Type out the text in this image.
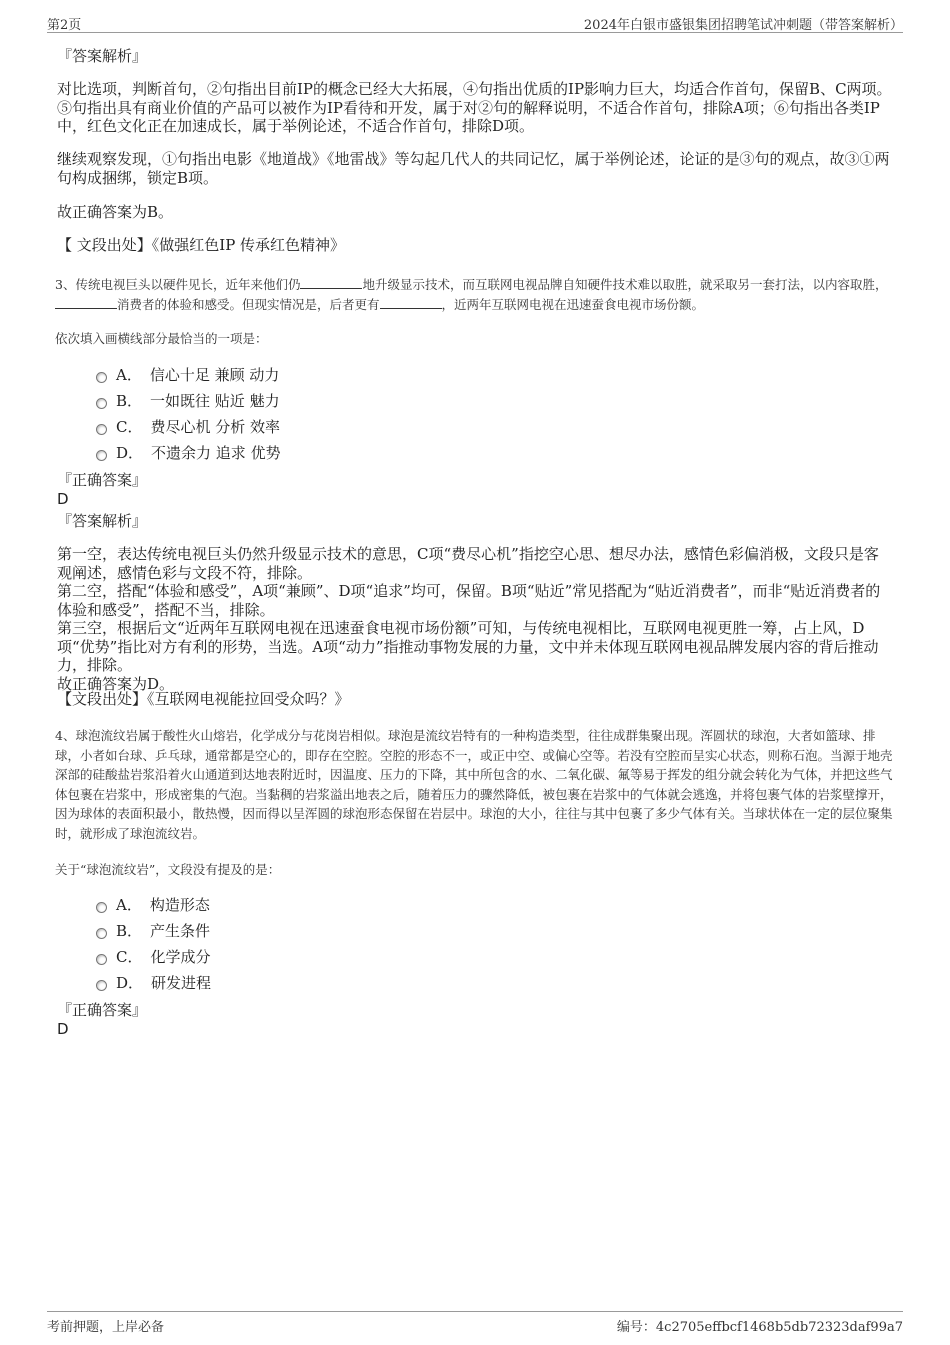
第2页	2024年白银市盛银集团招聘笔试冲刺题（带答案解析）
『答案解析』
对比选项，判断首句，②句指出目前IP的概念已经大大拓展，④句指出优质的IP影响力巨大，均适合作首句，保留B、C两项。⑤句指出具有商业价值的产品可以被作为IP看待和开发，属于对②句的解释说明，不适合作首句，排除A项；⑥句指出各类IP中，红色文化正在加速成长，属于举例论述，不适合作首句，排除D项。
继续观察发现，①句指出电影《地道战》《地雷战》等勾起几代人的共同记忆，属于举例论述，论证的是③句的观点，故③①两句构成捆绑，锁定B项。
故正确答案为B。
【 文段出处】《做强红色IP 传承红色精神》
3、传统电视巨头以硬件见长，近年来他们仍	地升级显示技术，而互联网电视品牌自知硬件技术难以取胜，就采取另一套打法，以内容取胜，消费者的体验和感受。但现实情况是，后者更有	，近两年互联网电视在迅速蚕食电视市场份额。
依次填入画横线部分最恰当的一项是：
A． 信心十足 兼顾 动力
B． 一如既往 贴近 魅力
C． 费尽心机 分析 效率
D． 不遗余力 追求 优势
『正确答案』
D
『答案解析』

第一空，表达传统电视巨头仍然升级显示技术的意思，C项“费尽心机”指挖空心思、想尽办法，感情色彩偏消极，文段只是客观阐述，感情色彩与文段不符，排除。

第二空，搭配“体验和感受”，A项“兼顾”、D项“追求”均可，保留。B项“贴近”常见搭配为“贴近消费者”，而非“贴近消费者的体验和感受”，搭配不当，排除。

第三空，根据后文“近两年互联网电视在迅速蚕食电视市场份额”可知，与传统电视相比，互联网电视更胜一筹，占上风，D项“优势”指比对方有利的形势，当选。A项“动力”指推动事物发展的力量，文中并未体现互联网电视品牌发展内容的背后推动力，排除。

故正确答案为D。

【文段出处】《互联网电视能拉回受众吗？》
4、球泡流纹岩属于酸性火山熔岩，化学成分与花岗岩相似。球泡是流纹岩特有的一种构造类型，往往成群集聚出现。浑圆状的球泡，大者如篮球、排球，小者如台球、乒乓球，通常都是空心的，即存在空腔。空腔的形态不一，或正中空、或偏心空等。若没有空腔而呈实心状态，则称石泡。当源于地壳深部的硅酸盐岩浆沿着火山通道到达地表附近时，因温度、压力的下降，其中所包含的水、二氧化碳、氟等易于挥发的组分就会转化为气体，并把这些气体包裹在岩浆中，形成密集的气泡。当黏稠的岩浆溢出地表之后，随着压力的骤然降低，被包裹在岩浆中的气体就会逃逸，并将包裹气体的岩浆壁撑开，因为球体的表面积最小，散热慢，因而得以呈浑圆的球泡形态保留在岩层中。球泡的大小，往往与其中包裹了多少气体有关。当球状体在一定的层位聚集时，就形成了球泡流纹岩。
关于“球泡流纹岩”，文段没有提及的是：
A． 构造形态
B． 产生条件
C． 化学成分
D． 研发进程
『正确答案』
D
考前押题，上岸必备	编号：4c2705effbcf1468b5db72323daf99a7
